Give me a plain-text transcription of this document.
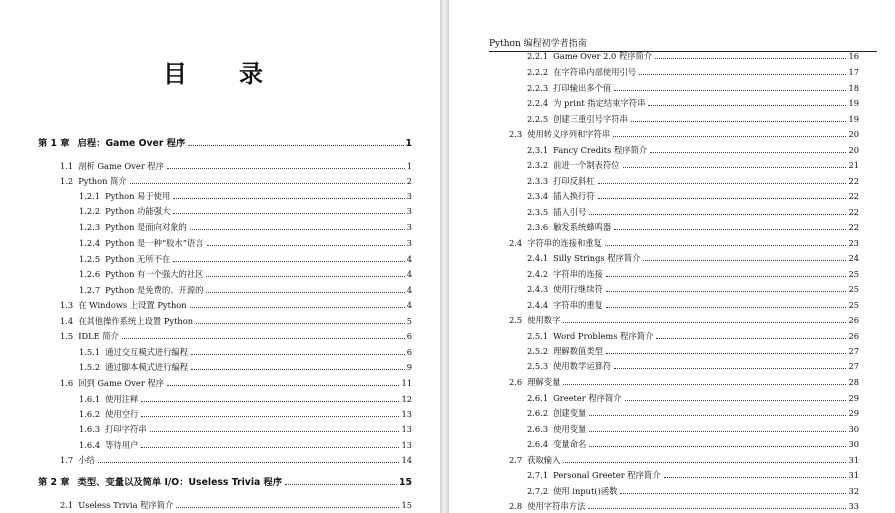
目　录
第 1 章 启程：Game Over 程序	1
1.1 剖析 Game Over 程序	1
1.2 Python 简介	2
1.2.1 Python 易于使用	3
1.2.2 Python 功能强大	3
1.2.3 Python 是面向对象的	3
1.2.4 Python 是一种“胶水”语言	3
1.2.5 Python 无所不在	4
1.2.6 Python 有一个强大的社区	4
1.2.7 Python 是免费的、开源的	4
1.3 在 Windows 上设置 Python	4
1.4 在其他操作系统上设置 Python	5
1.5 IDLE 简介	6
1.5.1 通过交互模式进行编程	6
1.5.2 通过脚本模式进行编程	9
1.6 回到 Game Over 程序	11
1.6.1 使用注释	12
1.6.2 使用空行	13
1.6.3 打印字符串	13
1.6.4 等待用户	13
1.7 小结	14
第 2 章 类型、变量以及简单 I/O：Useless Trivia 程序	15
2.1 Useless Trivia 程序简介	15
Python 编程初学者指南
2.2.1 Game Over 2.0 程序简介	16
2.2.2 在字符串内部使用引号	17
2.2.3 打印输出多个值	18
2.2.4 为 print 指定结束字符串	19
2.2.5 创建三重引号字符串	19
2.3 使用转义序列和字符串	20
2.3.1 Fancy Credits 程序简介	20
2.3.2 前进一个制表符位	21
2.3.3 打印反斜杠	22
2.3.4 插入换行符	22
2.3.5 插入引号	22
2.3.6 触发系统蜂鸣器	22
2.4 字符串的连接和重复	23
2.4.1 Silly Strings 程序简介	24
2.4.2 字符串的连接	25
2.4.3 使用行继续符	25
2.4.4 字符串的重复	25
2.5 使用数字	26
2.5.1 Word Problems 程序简介	26
2.5.2 理解数值类型	27
2.5.3 使用数学运算符	27
2.6 理解变量	28
2.6.1 Greeter 程序简介	29
2.6.2 创建变量	29
2.6.3 使用变量	30
2.6.4 变量命名	30
2.7 获取输入	31
2.7.1 Personal Greeter 程序简介	31
2.7.2 使用 input()函数	32
2.8 使用字符串方法	33
